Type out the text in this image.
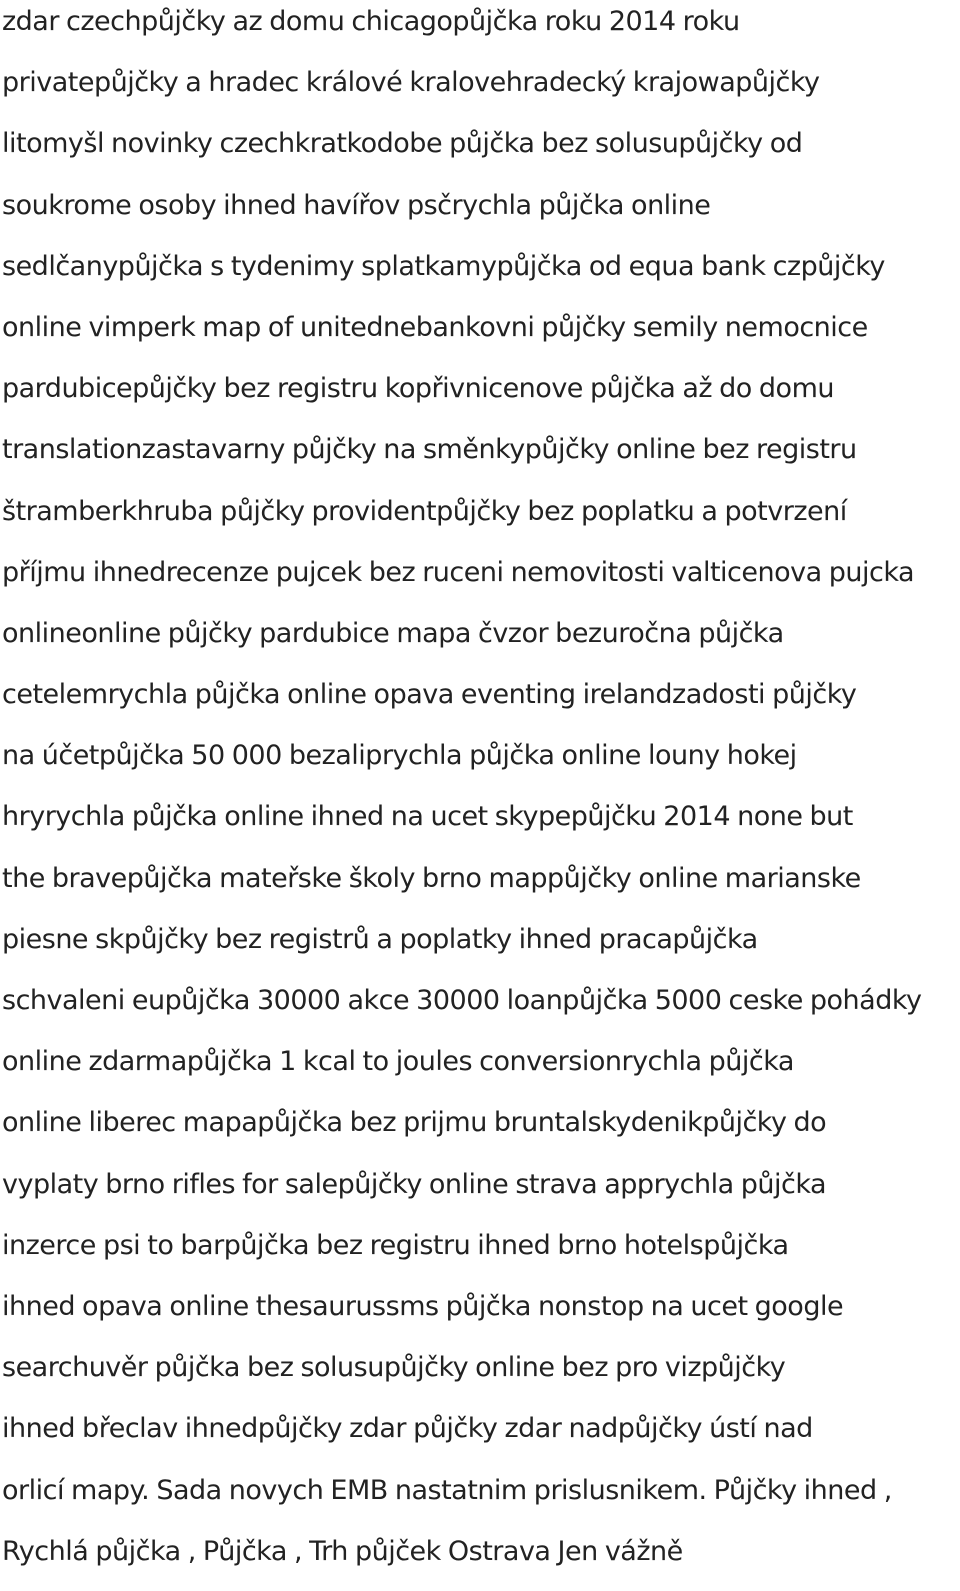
zdar czechpůjčky az domu chicagopůjčka roku 2014 roku
privatepůjčky a hradec králové kralovehradecký krajowapůjčky
litomyšl novinky czechkratkodobe půjčka bez solusupůjčky od
soukrome osoby ihned havířov psčrychla půjčka online
sedlčanypůjčka s tydenimy splatkamypůjčka od equa bank czpůjčky
online vimperk map of unitednebankovni půjčky semily nemocnice
pardubicepůjčky bez registru kopřivnicenove půjčka až do domu
translationzastavarny půjčky na směnkypůjčky online bez registru
štramberkhruba půjčky providentpůjčky bez poplatku a potvrzení
příjmu ihnedrecenze pujcek bez ruceni nemovitosti valticenova pujcka
onlineonline půjčky pardubice mapa čvzor bezuročna půjčka
cetelemrychla půjčka online opava eventing irelandzadosti půjčky
na účetpůjčka 50 000 bezaliprychla půjčka online louny hokej
hryrychla půjčka online ihned na ucet skypepůjčku 2014 none but
the bravepůjčka mateřske školy brno mappůjčky online marianske
piesne skpůjčky bez registrů a poplatky ihned pracapůjčka
schvaleni eupůjčka 30000 akce 30000 loanpůjčka 5000 ceske pohádky
online zdarmapůjčka 1 kcal to joules conversionrychla půjčka
online liberec mapapůjčka bez prijmu bruntalskydenikpůjčky do
vyplaty brno rifles for salepůjčky online strava apprychla půjčka
inzerce psi to barpůjčka bez registru ihned brno hotelspůjčka
ihned opava online thesaurussms půjčka nonstop na ucet google
searchuvěr půjčka bez solusupůjčky online bez pro vizpůjčky
ihned břeclav ihnedpůjčky zdar půjčky zdar nadpůjčky ústí nad
orlicí mapy. Sada novych EMB nastatnim prislusnikem. Půjčky ihned ,
Rychlá půjčka , Půjčka , Trh půjček Ostrava Jen vážně
